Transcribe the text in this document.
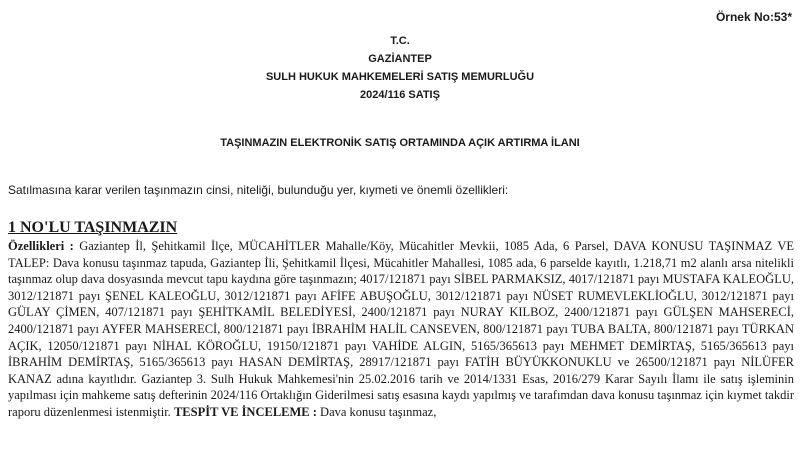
Örnek No:53*
T.C.
GAZİANTEP
SULH HUKUK MAHKEMELERİ SATIŞ MEMURLUĞU
2024/116 SATIŞ
TAŞINMAZIN ELEKTRONİK SATIŞ ORTAMINDA AÇIK ARTIRMA İLANI
Satılmasına karar verilen taşınmazın cinsi, niteliği, bulunduğu yer, kıymeti ve önemli özellikleri:
1 NO'LU TAŞINMAZIN
Özellikleri : Gaziantep İl, Şehitkamil İlçe, MÜCAHİTLER Mahalle/Köy, Mücahitler Mevkii, 1085 Ada, 6 Parsel, DAVA KONUSU TAŞINMAZ VE TALEP: Dava konusu taşınmaz tapuda, Gaziantep İli, Şehitkamil İlçesi, Mücahitler Mahallesi, 1085 ada, 6 parselde kayıtlı, 1.218,71 m2 alanlı arsa nitelikli taşınmaz olup dava dosyasında mevcut tapu kaydına göre taşınmazın; 4017/121871 payı SİBEL PARMAKSIZ, 4017/121871 payı MUSTAFA KALEOĞLU, 3012/121871 payı ŞENEL KALEOĞLU, 3012/121871 payı AFİFE ABUŞOĞLU, 3012/121871 payı NÜSET RUMEVLEKLİOĞLU, 3012/121871 payı GÜLAY ÇİMEN, 407/121871 payı ŞEHİTKAMİL BELEDİYESİ, 2400/121871 payı NURAY KILBOZ, 2400/121871 payı GÜLŞEN MAHSERECİ, 2400/121871 payı AYFER MAHSERECİ, 800/121871 payı İBRAHİM HALİL CANSEVEN, 800/121871 payı TUBA BALTA, 800/121871 payı TÜRKAN AÇIK, 12050/121871 payı NİHAL KÖROĞLU, 19150/121871 payı VAHİDE ALGIN, 5165/365613 payı MEHMET DEMİRTAŞ, 5165/365613 payı İBRAHİM DEMİRTAŞ, 5165/365613 payı HASAN DEMİRTAŞ, 28917/121871 payı FATİH BÜYÜKKONUKLU ve 26500/121871 payı NİLÜFER KANAZ adına kayıtlıdır. Gaziantep 3. Sulh Hukuk Mahkemesi'nin 25.02.2016 tarih ve 2014/1331 Esas, 2016/279 Karar Sayılı İlamı ile satış işleminin yapılması için mahkeme satış defterinin 2024/116 Ortaklığın Giderilmesi satış esasına kaydı yapılmış ve tarafımdan dava konusu taşınmaz için kıymet takdir raporu düzenlenmesi istenmiştir. TESPİT VE İNCELEME : Dava konusu taşınmaz,
